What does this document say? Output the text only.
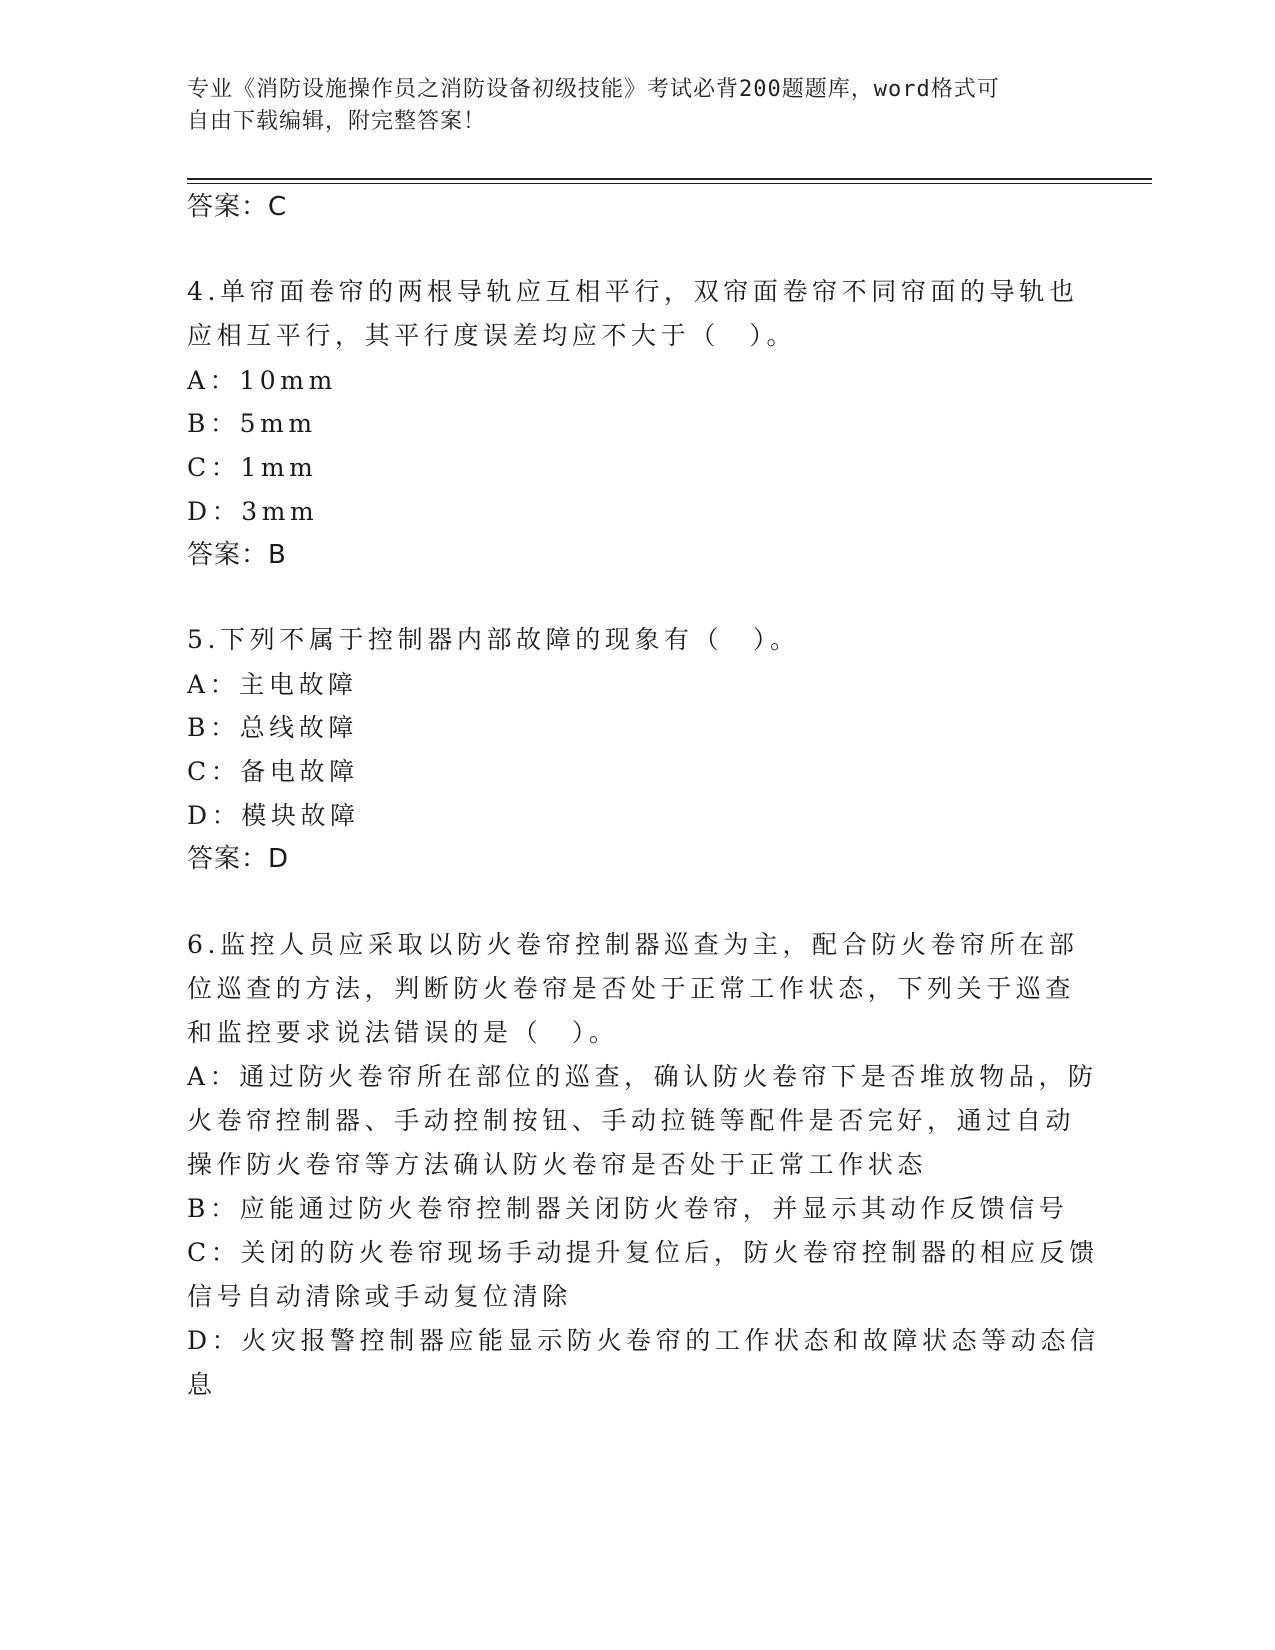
专业《消防设施操作员之消防设备初级技能》考试必背200题题库，word格式可
自由下载编辑，附完整答案！
答案：C
4.单帘面卷帘的两根导轨应互相平行，双帘面卷帘不同帘面的导轨也
应相互平行，其平行度误差均应不大于（　）。
A：10mm
B：5mm
C：1mm
D：3mm
答案：B
5.下列不属于控制器内部故障的现象有（　）。
A：主电故障
B：总线故障
C：备电故障
D：模块故障
答案：D
6.监控人员应采取以防火卷帘控制器巡查为主，配合防火卷帘所在部
位巡查的方法，判断防火卷帘是否处于正常工作状态，下列关于巡查
和监控要求说法错误的是（　）。
A：通过防火卷帘所在部位的巡查，确认防火卷帘下是否堆放物品，防
火卷帘控制器、手动控制按钮、手动拉链等配件是否完好，通过自动
操作防火卷帘等方法确认防火卷帘是否处于正常工作状态
B：应能通过防火卷帘控制器关闭防火卷帘，并显示其动作反馈信号
C：关闭的防火卷帘现场手动提升复位后，防火卷帘控制器的相应反馈
信号自动清除或手动复位清除
D：火灾报警控制器应能显示防火卷帘的工作状态和故障状态等动态信
息
